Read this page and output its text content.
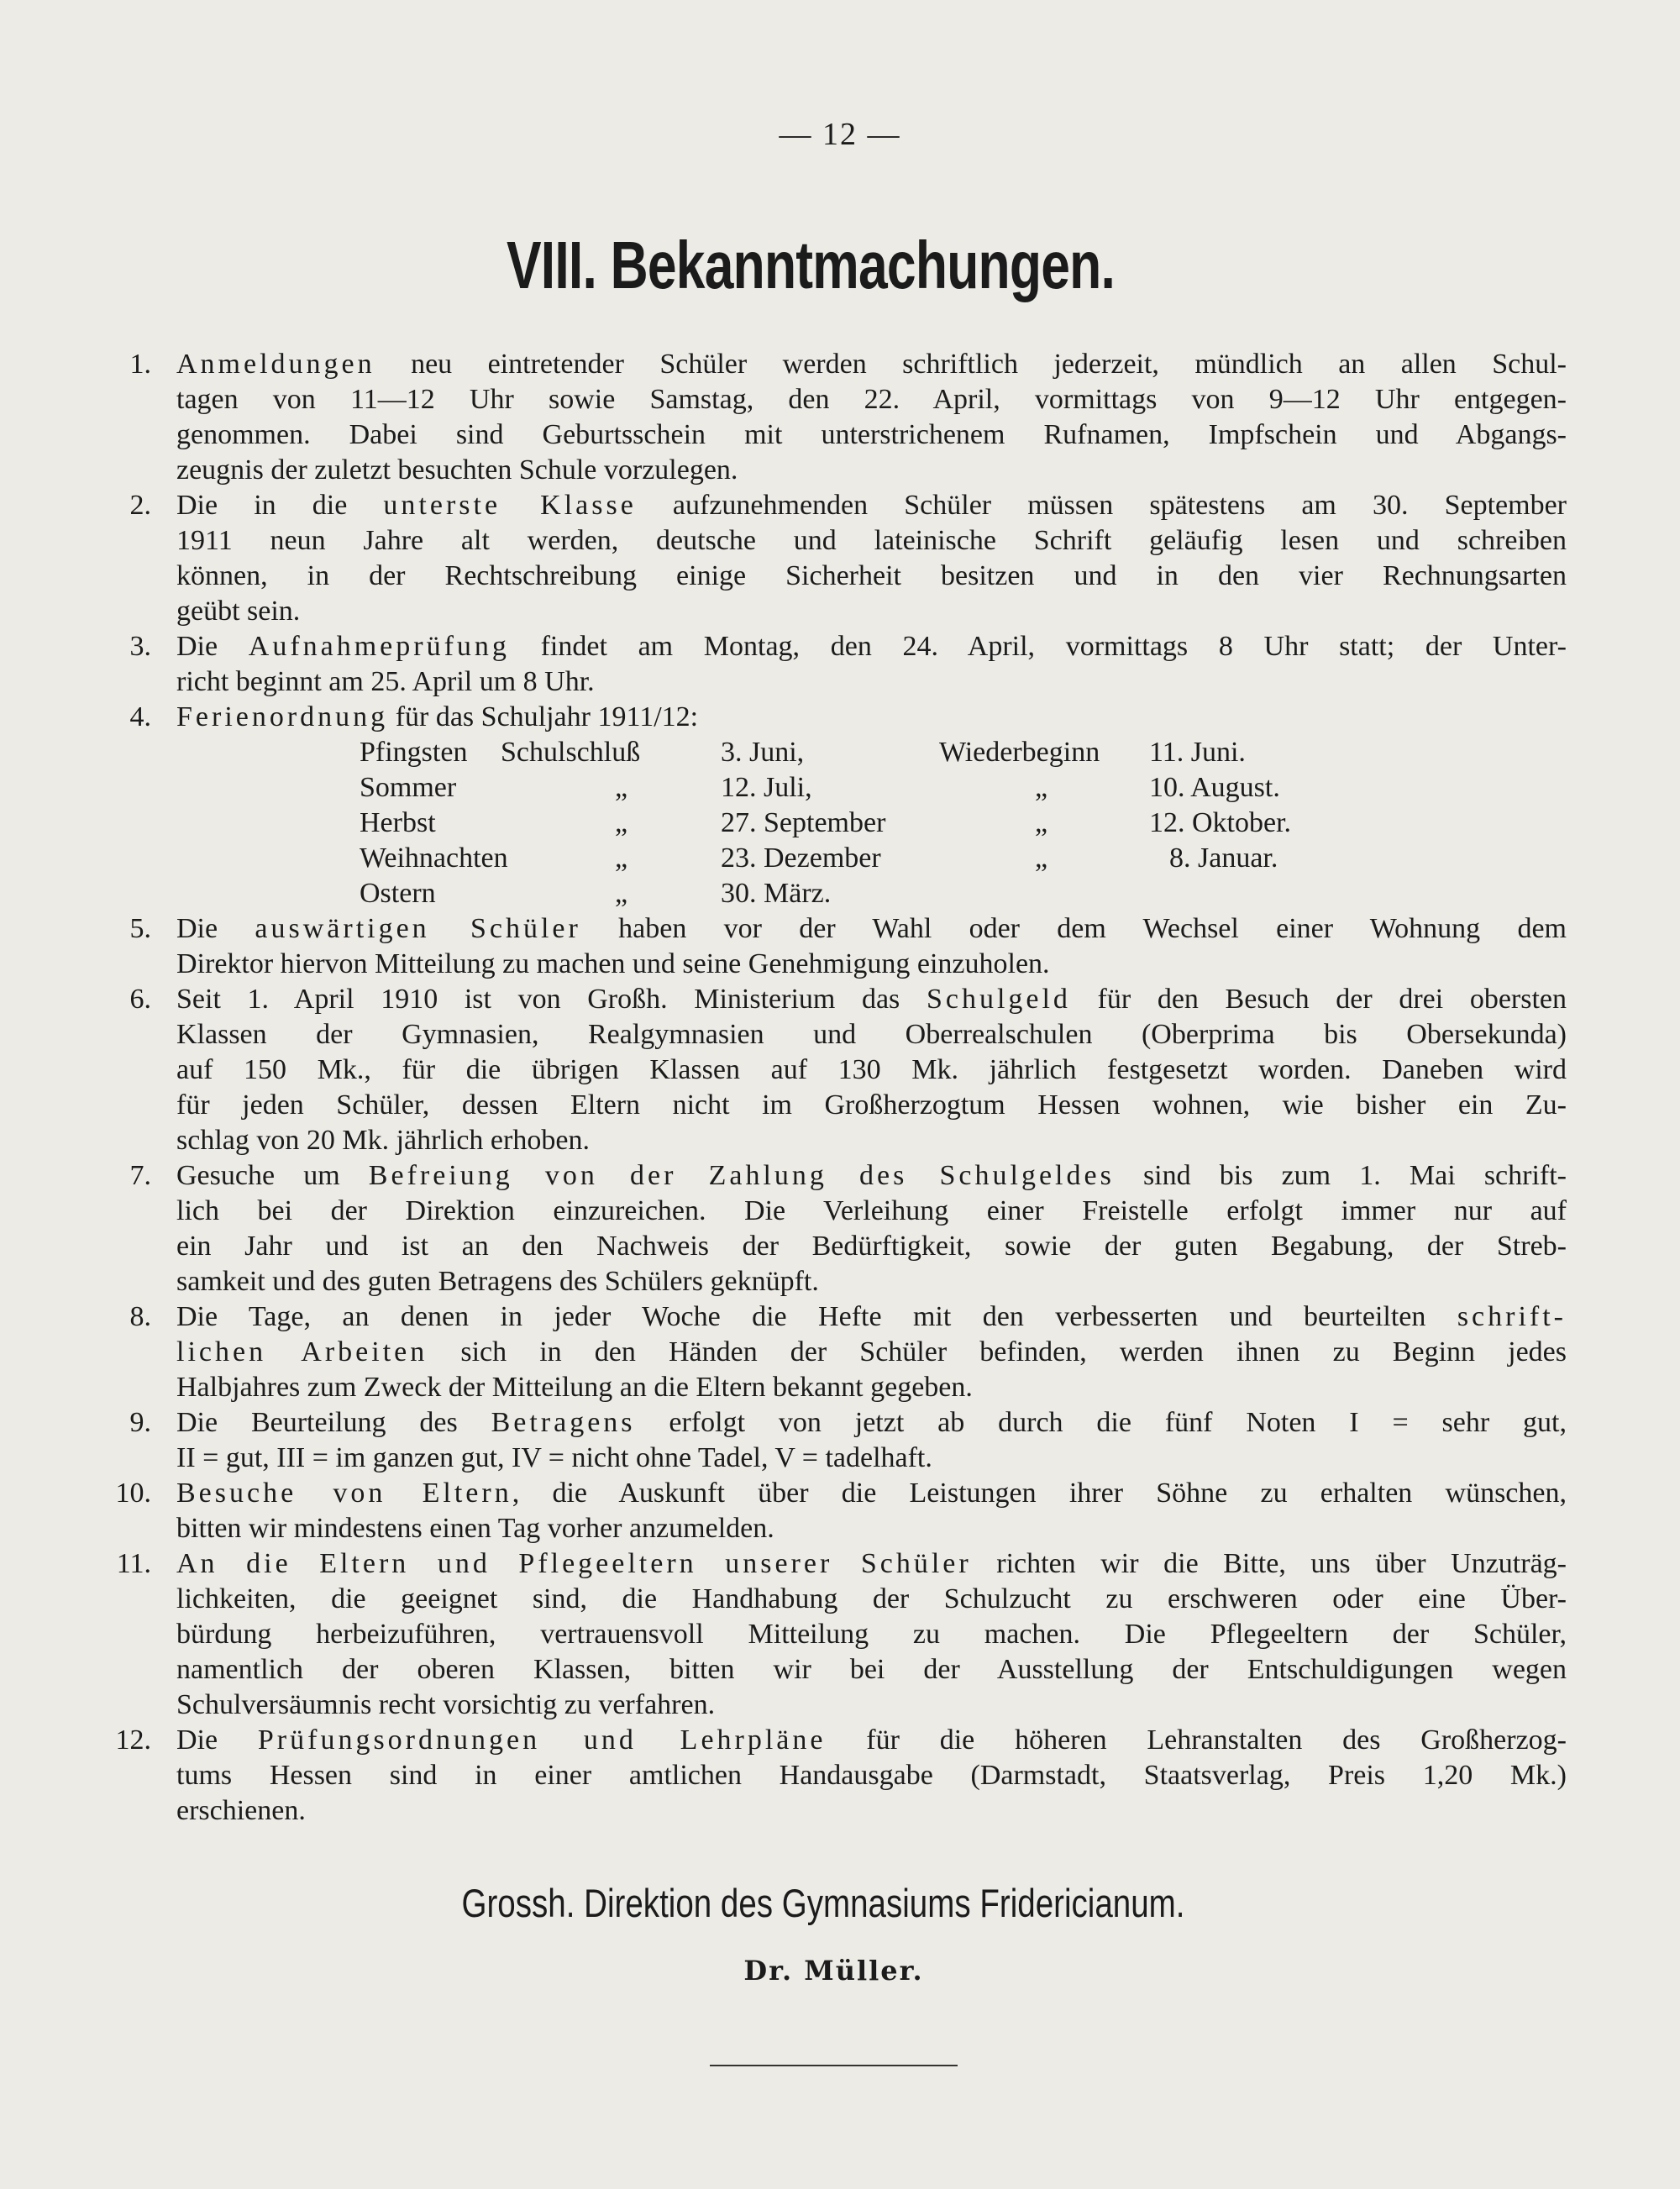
— 12 —
VIII. Bekanntmachungen.
1. Anmeldungen neu eintretender Schüler werden schriftlich jederzeit, mündlich an allen Schul-
tagen von 11—12 Uhr sowie Samstag, den 22. April, vormittags von 9—12 Uhr entgegen-
genommen. Dabei sind Geburtsschein mit unterstrichenem Rufnamen, Impfschein und Abgangs-
zeugnis der zuletzt besuchten Schule vorzulegen.
2. Die in die unterste Klasse aufzunehmenden Schüler müssen spätestens am 30. September
1911 neun Jahre alt werden, deutsche und lateinische Schrift geläufig lesen und schreiben
können, in der Rechtschreibung einige Sicherheit besitzen und in den vier Rechnungsarten
geübt sein.
3. Die Aufnahmeprüfung findet am Montag, den 24. April, vormittags 8 Uhr statt; der Unter-
richt beginnt am 25. April um 8 Uhr.
4. Ferienordnung für das Schuljahr 1911/12:
Pfingsten Schulschluß	3. Juni,	Wiederbeginn 11. Juni.
Sommer	„	12. Juli,	„	10. August.
Herbst	„	27. September	„	12. Oktober.
Weihnachten	„	23. Dezember	„	8. Januar.
Ostern	„	30. März.
5. Die auswärtigen Schüler haben vor der Wahl oder dem Wechsel einer Wohnung dem
Direktor hiervon Mitteilung zu machen und seine Genehmigung einzuholen.
6. Seit 1. April 1910 ist von Großh. Ministerium das Schulgeld für den Besuch der drei obersten
Klassen der Gymnasien, Realgymnasien und Oberrealschulen (Oberprima bis Obersekunda)
auf 150 Mk., für die übrigen Klassen auf 130 Mk. jährlich festgesetzt worden. Daneben wird
für jeden Schüler, dessen Eltern nicht im Großherzogtum Hessen wohnen, wie bisher ein Zu-
schlag von 20 Mk. jährlich erhoben.
7. Gesuche um Befreiung von der Zahlung des Schulgeldes sind bis zum 1. Mai schrift-
lich bei der Direktion einzureichen. Die Verleihung einer Freistelle erfolgt immer nur auf
ein Jahr und ist an den Nachweis der Bedürftigkeit, sowie der guten Begabung, der Streb-
samkeit und des guten Betragens des Schülers geknüpft.
8. Die Tage, an denen in jeder Woche die Hefte mit den verbesserten und beurteilten schrift-
lichen Arbeiten sich in den Händen der Schüler befinden, werden ihnen zu Beginn jedes
Halbjahres zum Zweck der Mitteilung an die Eltern bekannt gegeben.
9. Die Beurteilung des Betragens erfolgt von jetzt ab durch die fünf Noten I = sehr gut,
II = gut, III = im ganzen gut, IV = nicht ohne Tadel, V = tadelhaft.
10. Besuche von Eltern, die Auskunft über die Leistungen ihrer Söhne zu erhalten wünschen,
bitten wir mindestens einen Tag vorher anzumelden.
11. An die Eltern und Pflegeeltern unserer Schüler richten wir die Bitte, uns über Unzuträg-
lichkeiten, die geeignet sind, die Handhabung der Schulzucht zu erschweren oder eine Über-
bürdung herbeizuführen, vertrauensvoll Mitteilung zu machen. Die Pflegeeltern der Schüler,
namentlich der oberen Klassen, bitten wir bei der Ausstellung der Entschuldigungen wegen
Schulversäumnis recht vorsichtig zu verfahren.
12. Die Prüfungsordnungen und Lehrpläne für die höheren Lehranstalten des Großherzog-
tums Hessen sind in einer amtlichen Handausgabe (Darmstadt, Staatsverlag, Preis 1,20 Mk.)
erschienen.
Grossh. Direktion des Gymnasiums Fridericianum.
Dr. Müller.
